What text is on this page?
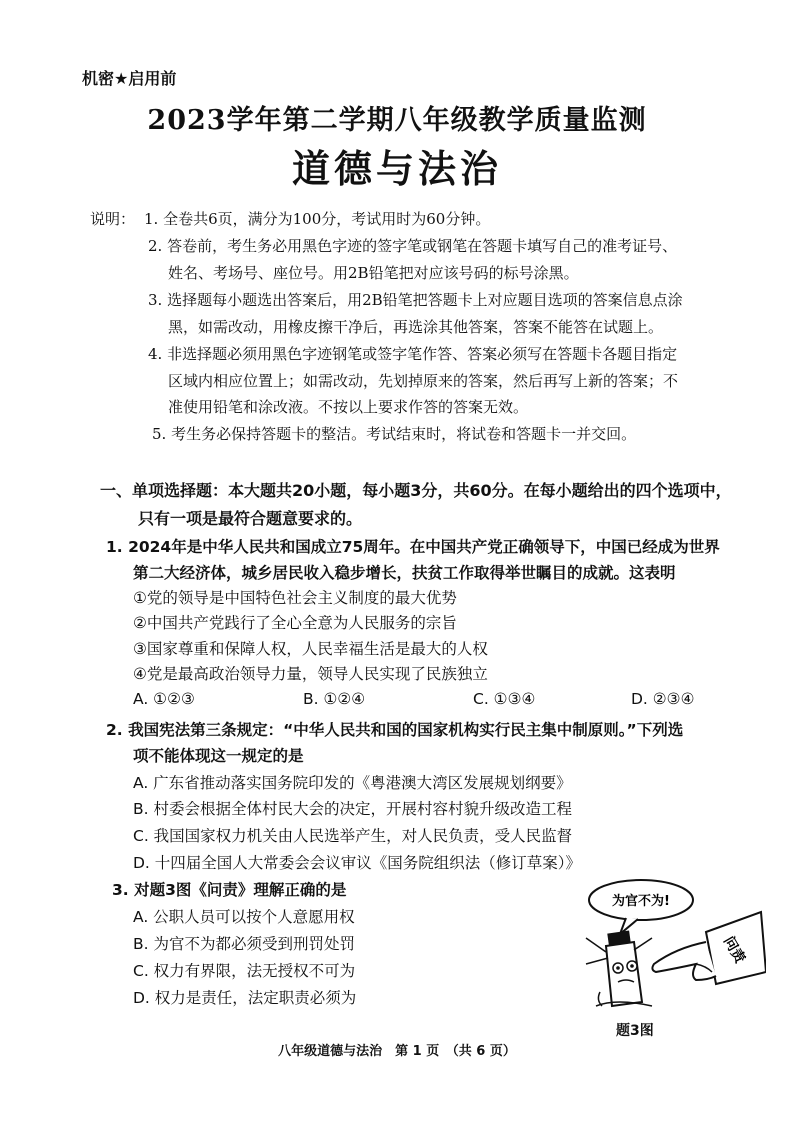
机密★启用前
2023学年第二学期八年级教学质量监测
道德与法治
说明： 1. 全卷共6页，满分为100分，考试用时为60分钟。
2. 答卷前，考生务必用黑色字迹的签字笔或钢笔在答题卡填写自己的准考证号、
姓名、考场号、座位号。用2B铅笔把对应该号码的标号涂黑。
3. 选择题每小题选出答案后，用2B铅笔把答题卡上对应题目选项的答案信息点涂
黑，如需改动，用橡皮擦干净后，再选涂其他答案，答案不能答在试题上。
4. 非选择题必须用黑色字迹钢笔或签字笔作答、答案必须写在答题卡各题目指定
区域内相应位置上；如需改动，先划掉原来的答案，然后再写上新的答案；不
准使用铅笔和涂改液。不按以上要求作答的答案无效。
5. 考生务必保持答题卡的整洁。考试结束时，将试卷和答题卡一并交回。
一、单项选择题：本大题共20小题，每小题3分，共60分。在每小题给出的四个选项中，
只有一项是最符合题意要求的。
1. 2024年是中华人民共和国成立75周年。在中国共产党正确领导下，中国已经成为世界
第二大经济体，城乡居民收入稳步增长，扶贫工作取得举世瞩目的成就。这表明
①党的领导是中国特色社会主义制度的最大优势
②中国共产党践行了全心全意为人民服务的宗旨
③国家尊重和保障人权，人民幸福生活是最大的人权
④党是最高政治领导力量，领导人民实现了民族独立
A. ①②③	B. ①②④	C. ①③④	D. ②③④
2. 我国宪法第三条规定：“中华人民共和国的国家机构实行民主集中制原则。”下列选
项不能体现这一规定的是
A. 广东省推动落实国务院印发的《粤港澳大湾区发展规划纲要》
B. 村委会根据全体村民大会的决定，开展村容村貌升级改造工程
C. 我国国家权力机关由人民选举产生，对人民负责，受人民监督
D. 十四届全国人大常委会会议审议《国务院组织法（修订草案）》
3. 对题3图《问责》理解正确的是
A. 公职人员可以按个人意愿用权
B. 为官不为都必须受到刑罚处罚
C. 权力有界限，法无授权不可为
D. 权力是责任，法定职责必须为
为官不为!
问责
题3图
八年级道德与法治　第 1 页　（共 6 页）
